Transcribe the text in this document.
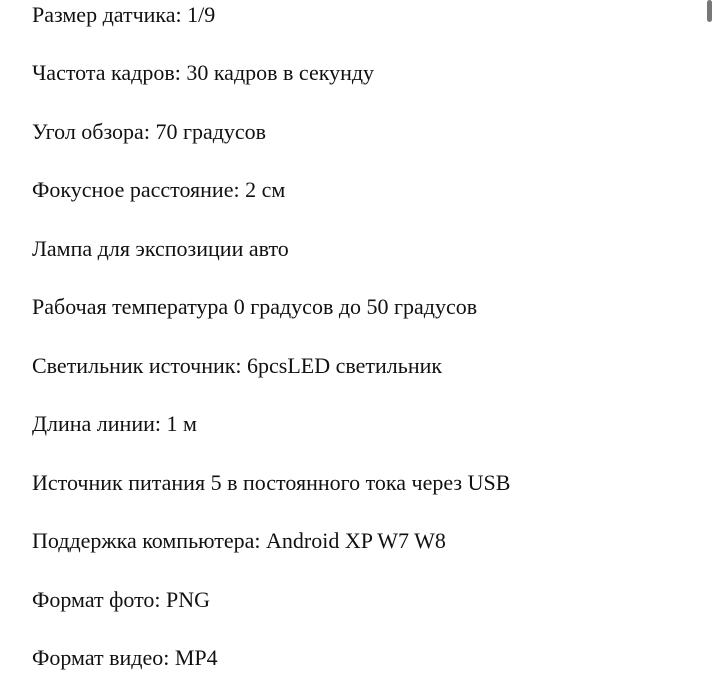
Размер датчика: 1/9
Частота кадров: 30 кадров в секунду
Угол обзора: 70 градусов
Фокусное расстояние: 2 см
Лампа для экспозиции авто
Рабочая температура 0 градусов до 50 градусов
Светильник источник: 6pcsLED светильник
Длина линии: 1 м
Источник питания 5 в постоянного тока через USB
Поддержка компьютера: Android XP W7 W8
Формат фото: PNG
Формат видео: MP4
